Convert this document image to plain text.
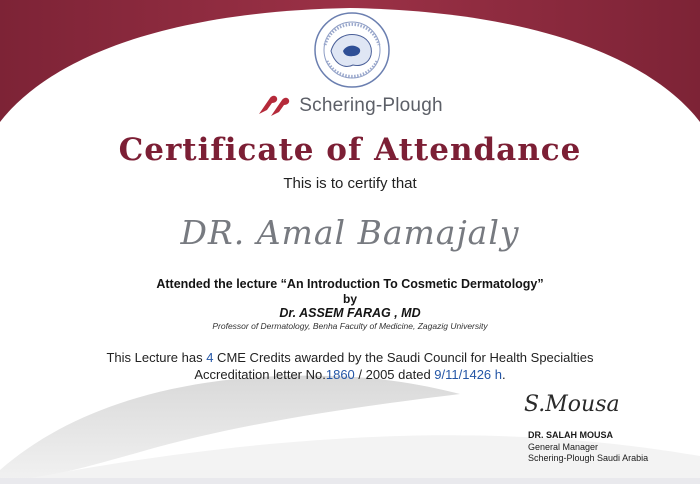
Schering-Plough
Certificate of Attendance
This is to certify that
DR. Amal Bamajaly
Attended the lecture “An Introduction To Cosmetic Dermatology”
by
Dr. ASSEM FARAG , MD
Professor of Dermatology, Benha Faculty of Medicine, Zagazig University
This Lecture has 4 CME Credits awarded by the Saudi Council for Health Specialties
Accreditation letter No.1860 / 2005 dated 9/11/1426 h.
S.Mousa
DR. SALAH MOUSA
General Manager
Schering-Plough Saudi Arabia
